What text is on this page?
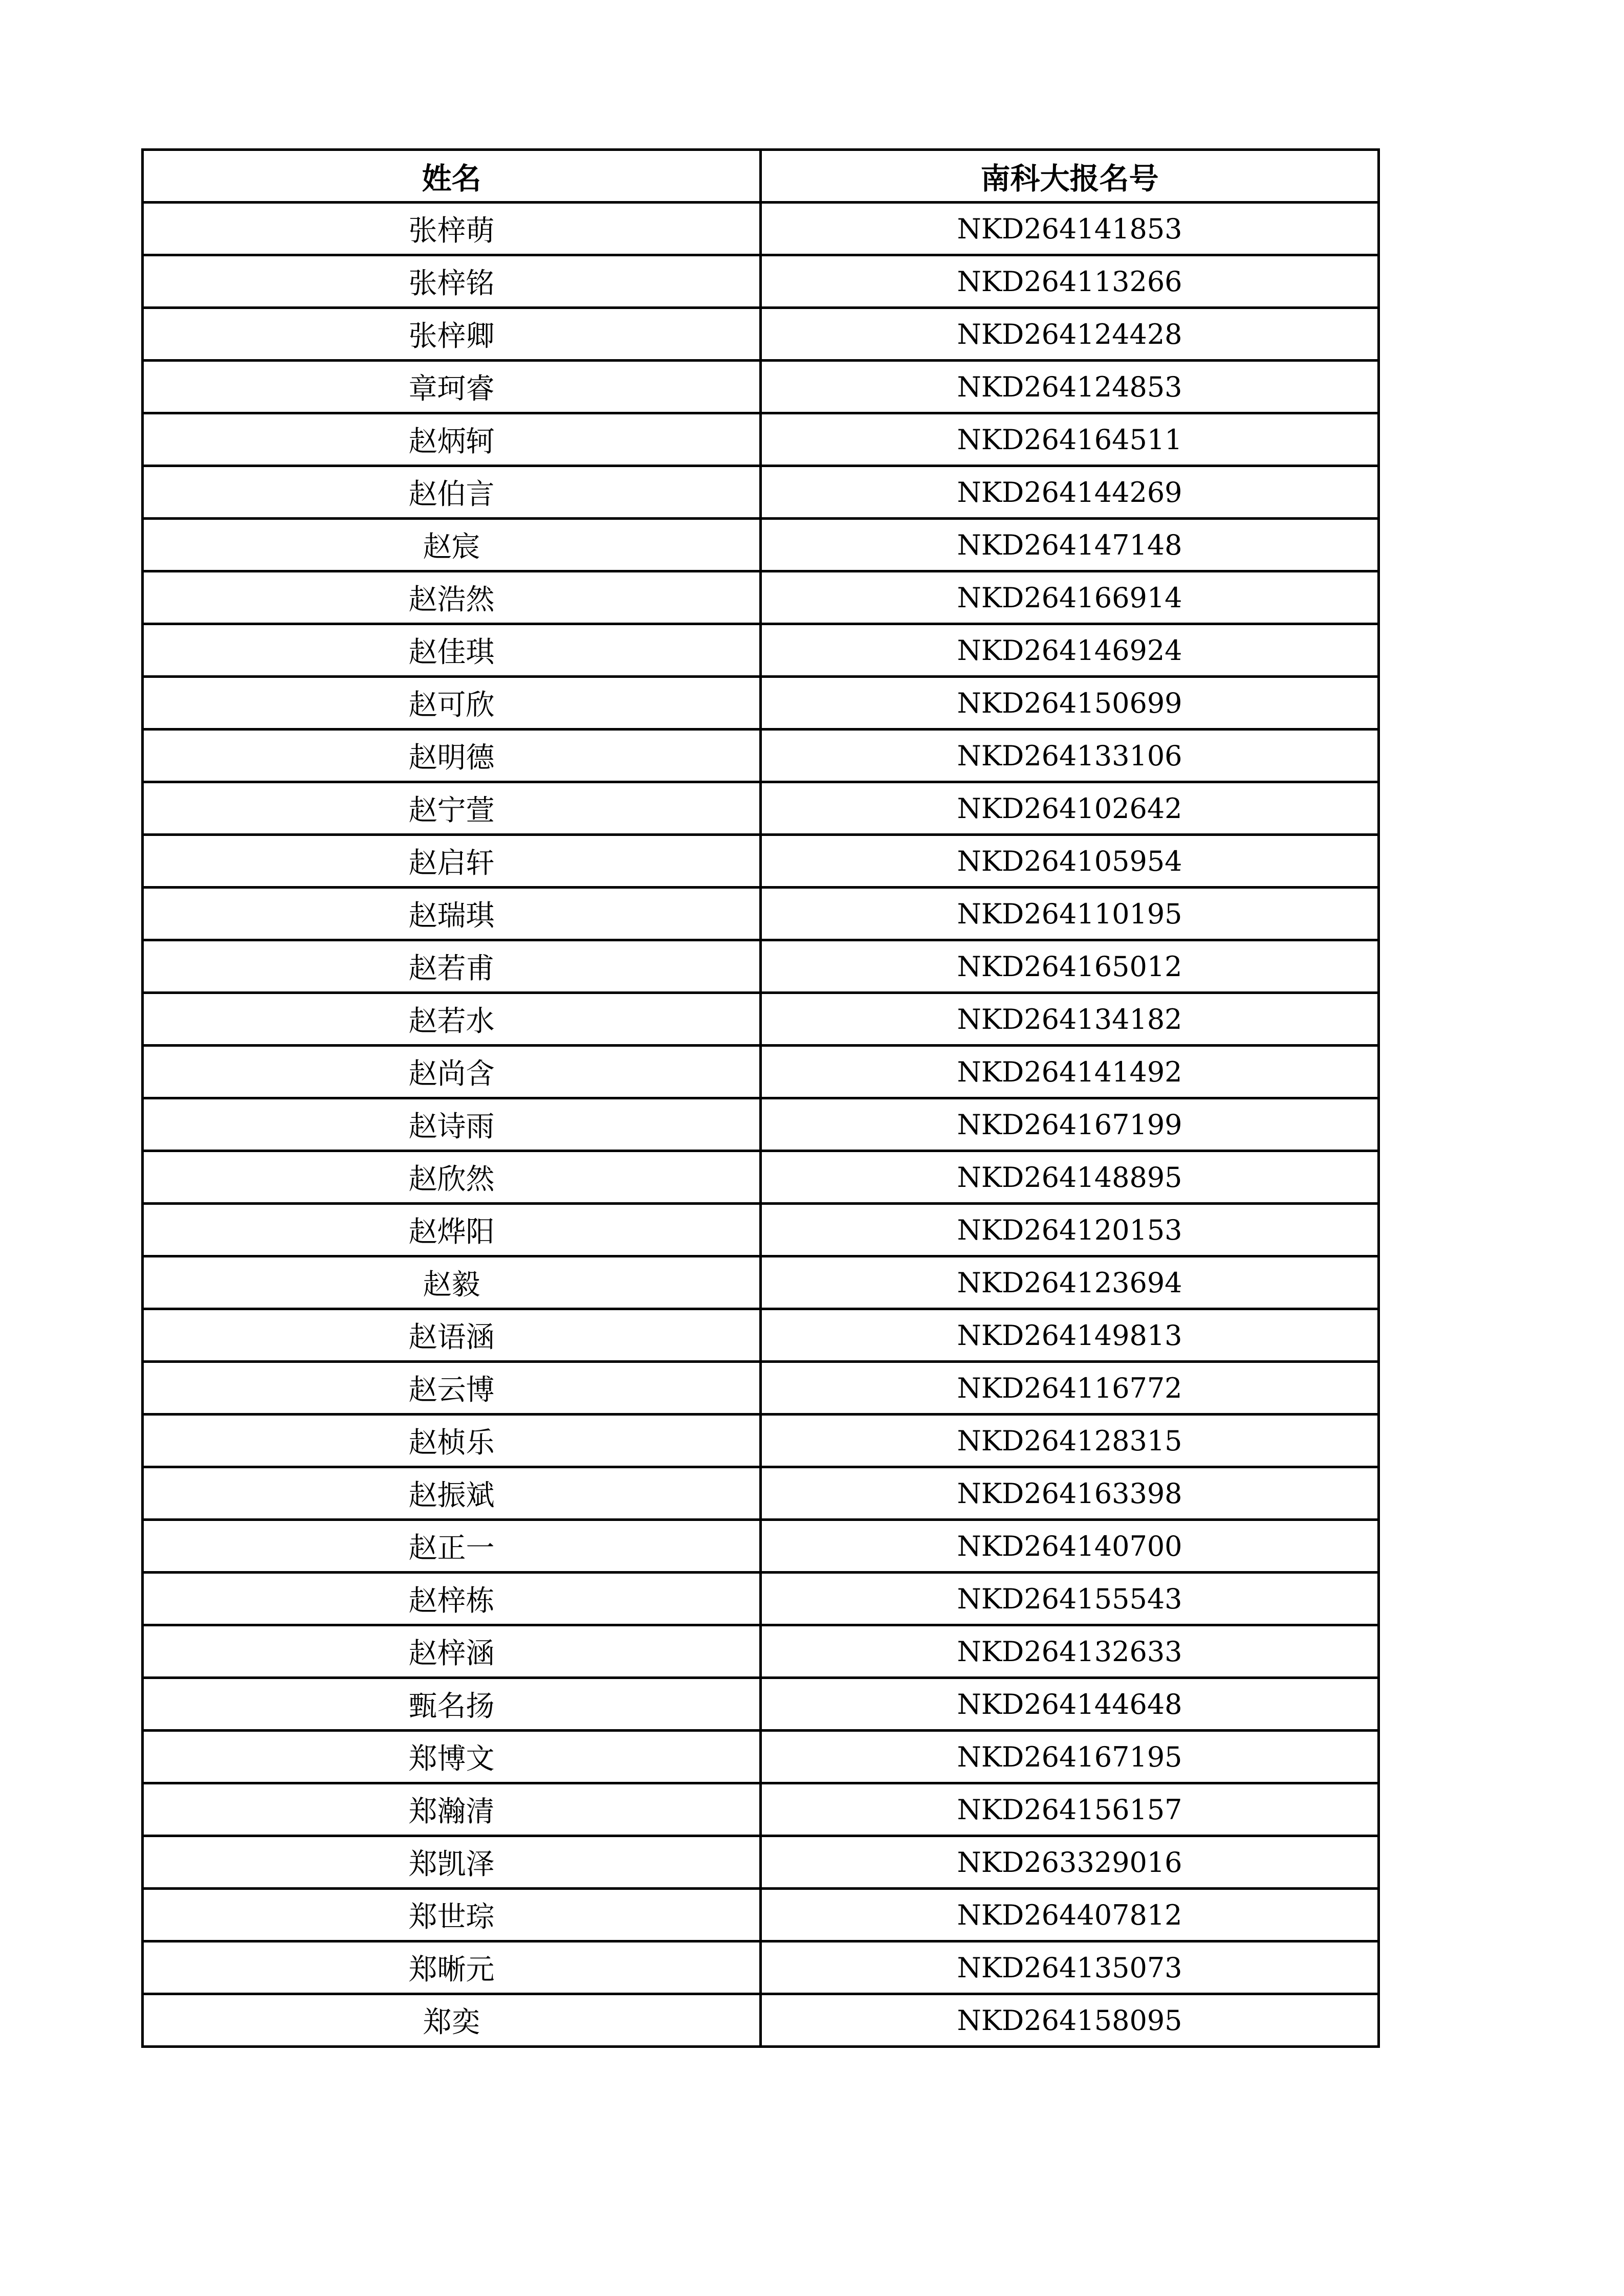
姓名	南科大报名号
张梓萌	NKD264141853
张梓铭	NKD264113266
张梓卿	NKD264124428
章珂睿	NKD264124853
赵炳轲	NKD264164511
赵伯言	NKD264144269
赵宸	NKD264147148
赵浩然	NKD264166914
赵佳琪	NKD264146924
赵可欣	NKD264150699
赵明德	NKD264133106
赵宁萱	NKD264102642
赵启轩	NKD264105954
赵瑞琪	NKD264110195
赵若甫	NKD264165012
赵若水	NKD264134182
赵尚含	NKD264141492
赵诗雨	NKD264167199
赵欣然	NKD264148895
赵烨阳	NKD264120153
赵毅	NKD264123694
赵语涵	NKD264149813
赵云博	NKD264116772
赵桢乐	NKD264128315
赵振斌	NKD264163398
赵正一	NKD264140700
赵梓栋	NKD264155543
赵梓涵	NKD264132633
甄名扬	NKD264144648
郑博文	NKD264167195
郑瀚清	NKD264156157
郑凯泽	NKD263329016
郑世琮	NKD264407812
郑晰元	NKD264135073
郑奕	NKD264158095
